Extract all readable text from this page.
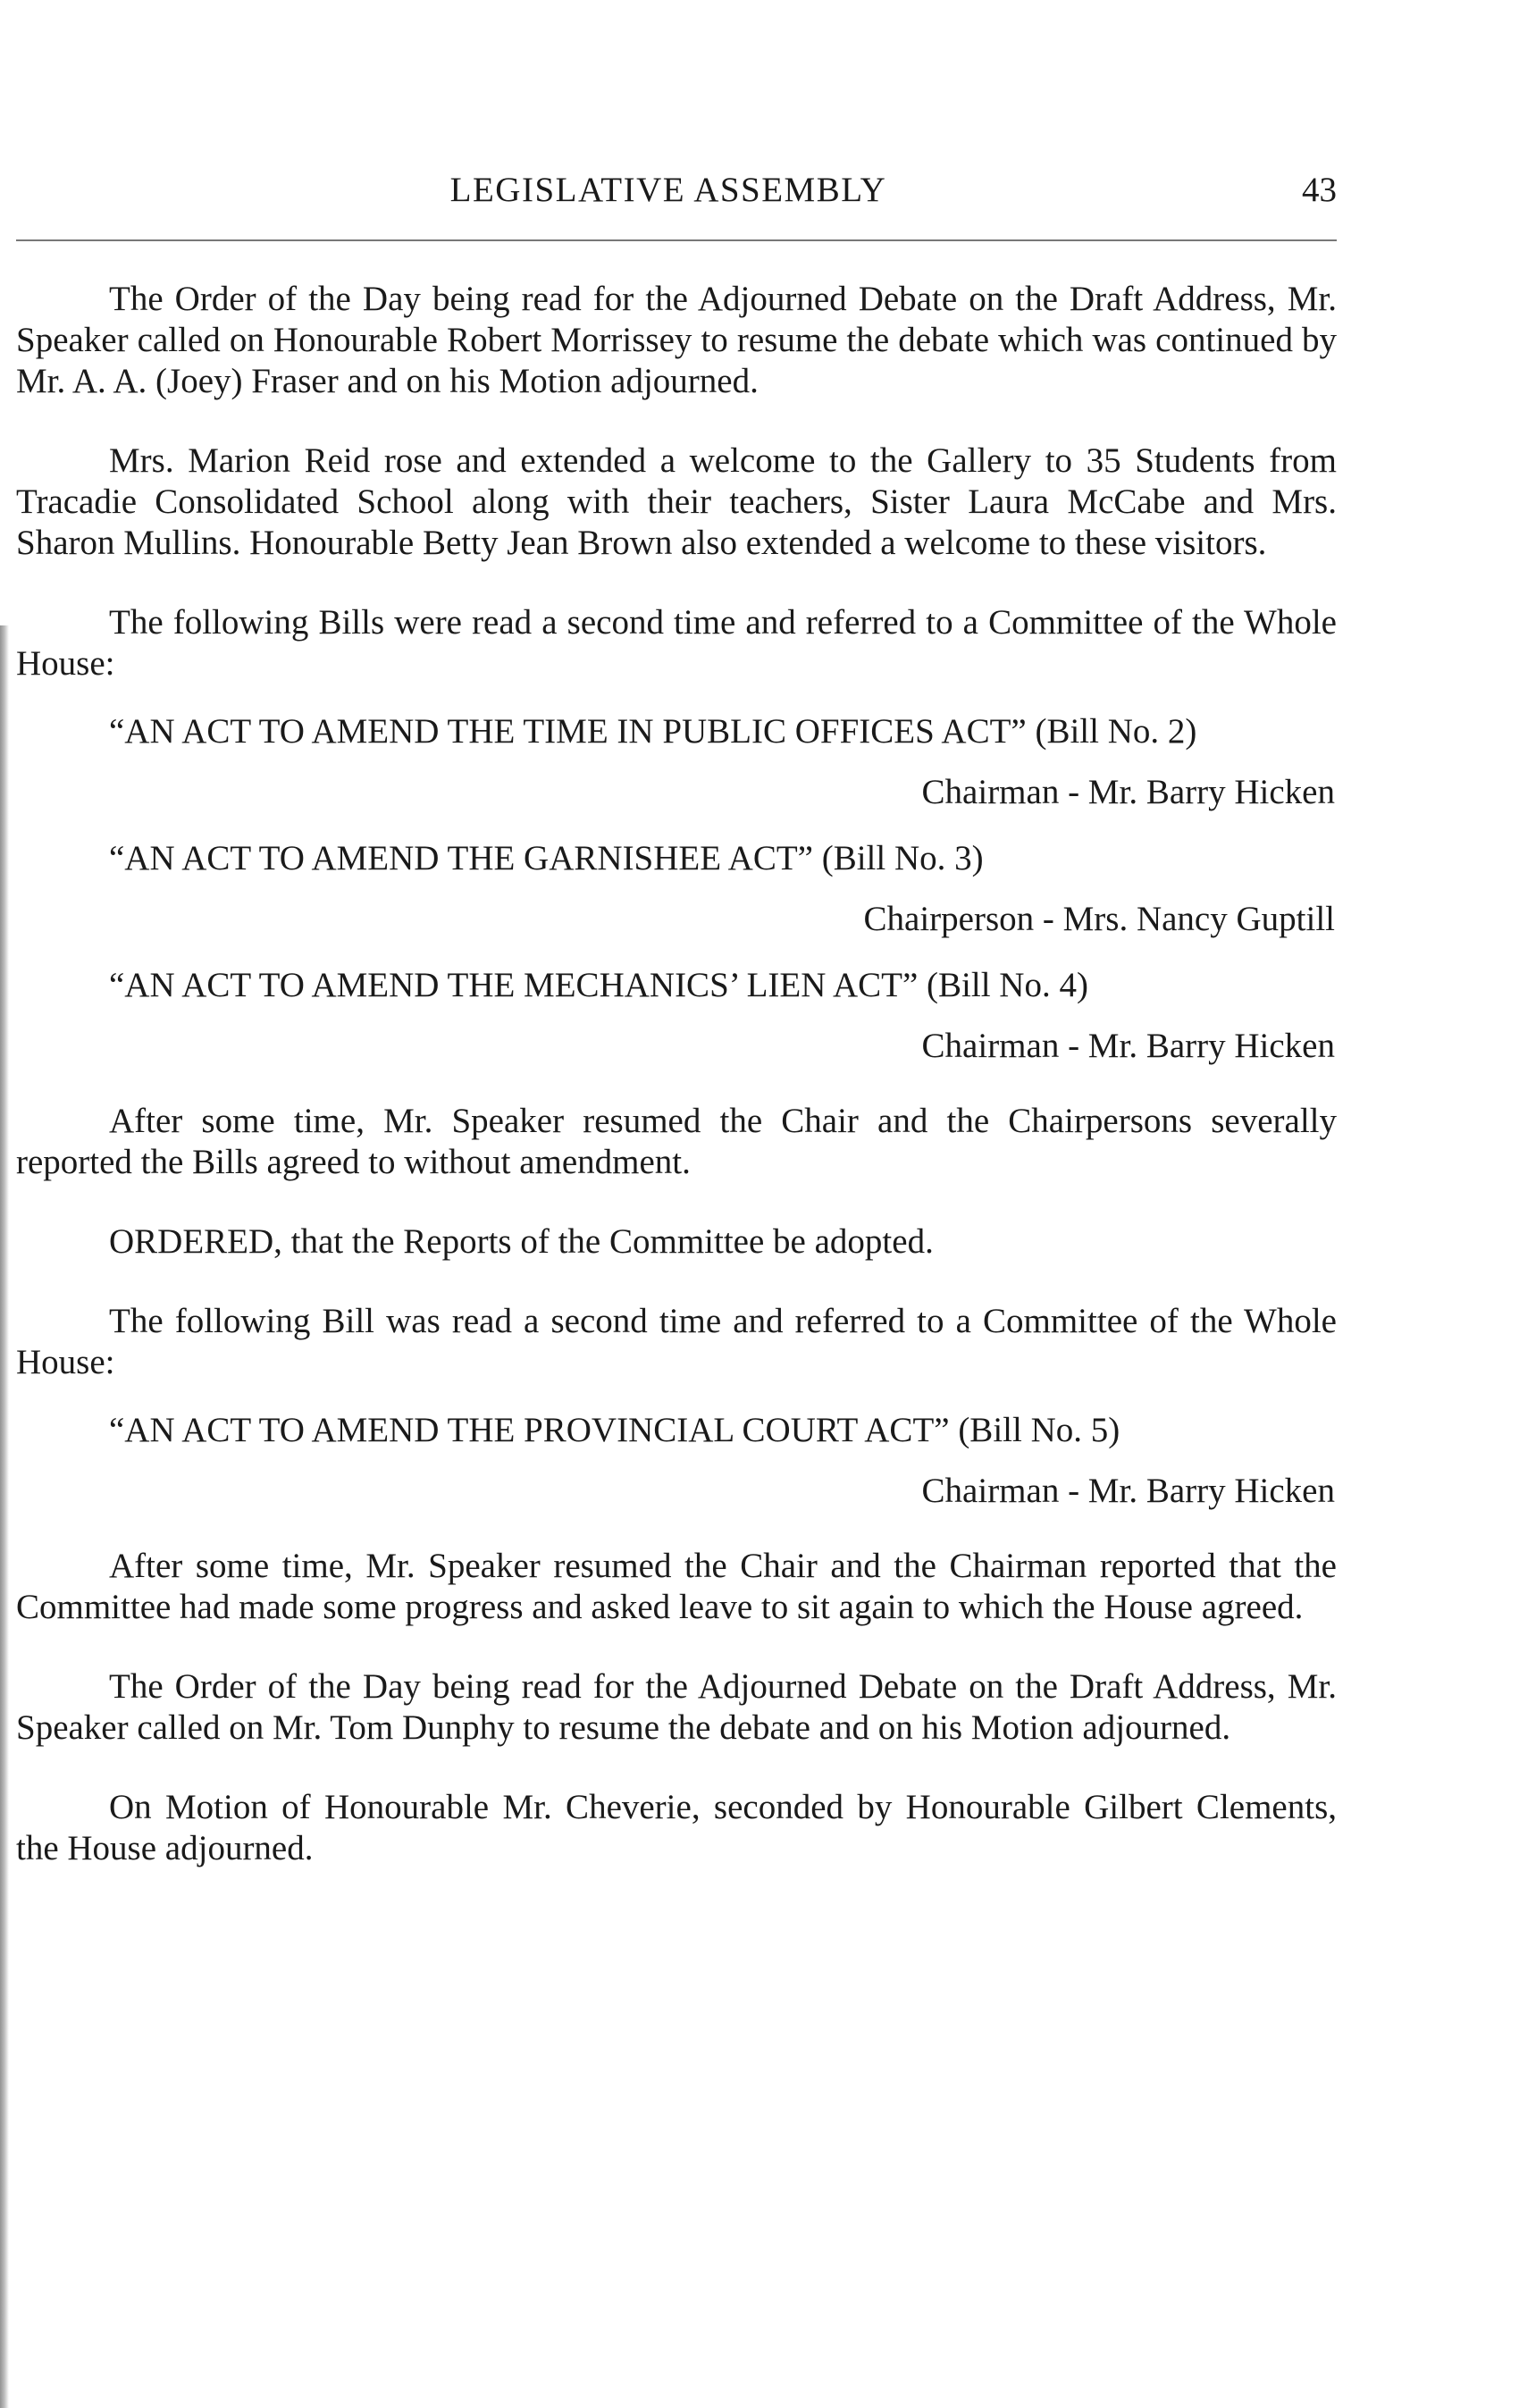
LEGISLATIVE ASSEMBLY	43

The Order of the Day being read for the Adjourned Debate on the Draft Address, Mr. Speaker called on Honourable Robert Morrissey to resume the debate which was continued by Mr. A. A. (Joey) Fraser and on his Motion adjourned.

Mrs. Marion Reid rose and extended a welcome to the Gallery to 35 Students from Tracadie Consolidated School along with their teachers, Sister Laura McCabe and Mrs. Sharon Mullins. Honourable Betty Jean Brown also extended a welcome to these visitors.

The following Bills were read a second time and referred to a Committee of the Whole House:

“AN ACT TO AMEND THE TIME IN PUBLIC OFFICES ACT” (Bill No. 2)

Chairman - Mr. Barry Hicken

“AN ACT TO AMEND THE GARNISHEE ACT” (Bill No. 3)

Chairperson - Mrs. Nancy Guptill

“AN ACT TO AMEND THE MECHANICS’ LIEN ACT” (Bill No. 4)

Chairman - Mr. Barry Hicken

After some time, Mr. Speaker resumed the Chair and the Chairpersons severally reported the Bills agreed to without amendment.

ORDERED, that the Reports of the Committee be adopted.

The following Bill was read a second time and referred to a Committee of the Whole House:

“AN ACT TO AMEND THE PROVINCIAL COURT ACT” (Bill No. 5)

Chairman - Mr. Barry Hicken

After some time, Mr. Speaker resumed the Chair and the Chairman reported that the Committee had made some progress and asked leave to sit again to which the House agreed.

The Order of the Day being read for the Adjourned Debate on the Draft Address, Mr. Speaker called on Mr. Tom Dunphy to resume the debate and on his Motion adjourned.

On Motion of Honourable Mr. Cheverie, seconded by Honourable Gilbert Clements, the House adjourned.
